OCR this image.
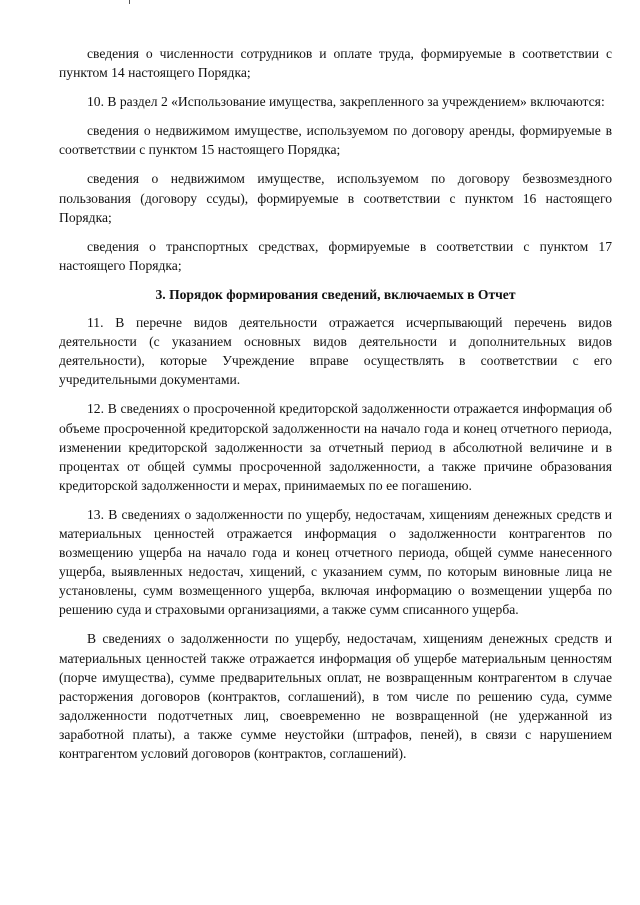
сведения о численности сотрудников и оплате труда, формируемые в соответствии с пунктом 14 настоящего Порядка;

10. В раздел 2 «Использование имущества, закрепленного за учреждением» включаются:

сведения о недвижимом имуществе, используемом по договору аренды, формируемые в соответствии с пунктом 15 настоящего Порядка;

сведения о недвижимом имуществе, используемом по договору безвозмездного пользования (договору ссуды), формируемые в соответствии с пунктом 16 настоящего Порядка;

сведения о транспортных средствах, формируемые в соответствии с пунктом 17 настоящего Порядка;

3. Порядок формирования сведений, включаемых в Отчет

11. В перечне видов деятельности отражается исчерпывающий перечень видов деятельности (с указанием основных видов деятельности и дополнительных видов деятельности), которые Учреждение вправе осуществлять в соответствии с его учредительными документами.

12. В сведениях о просроченной кредиторской задолженности отражается информация об объеме просроченной кредиторской задолженности на начало года и конец отчетного периода, изменении кредиторской задолженности за отчетный период в абсолютной величине и в процентах от общей суммы просроченной задолженности, а также причине образования кредиторской задолженности и мерах, принимаемых по ее погашению.

13. В сведениях о задолженности по ущербу, недостачам, хищениям денежных средств и материальных ценностей отражается информация о задолженности контрагентов по возмещению ущерба на начало года и конец отчетного периода, общей сумме нанесенного ущерба, выявленных недостач, хищений, с указанием сумм, по которым виновные лица не установлены, сумм возмещенного ущерба, включая информацию о возмещении ущерба по решению суда и страховыми организациями, а также сумм списанного ущерба.

В сведениях о задолженности по ущербу, недостачам, хищениям денежных средств и материальных ценностей также отражается информация об ущербе материальным ценностям (порче имущества), сумме предварительных оплат, не возвращенным контрагентом в случае расторжения договоров (контрактов, соглашений), в том числе по решению суда, сумме задолженности подотчетных лиц, своевременно не возвращенной (не удержанной из заработной платы), а также сумме неустойки (штрафов, пеней), в связи с нарушением контрагентом условий договоров (контрактов, соглашений).
